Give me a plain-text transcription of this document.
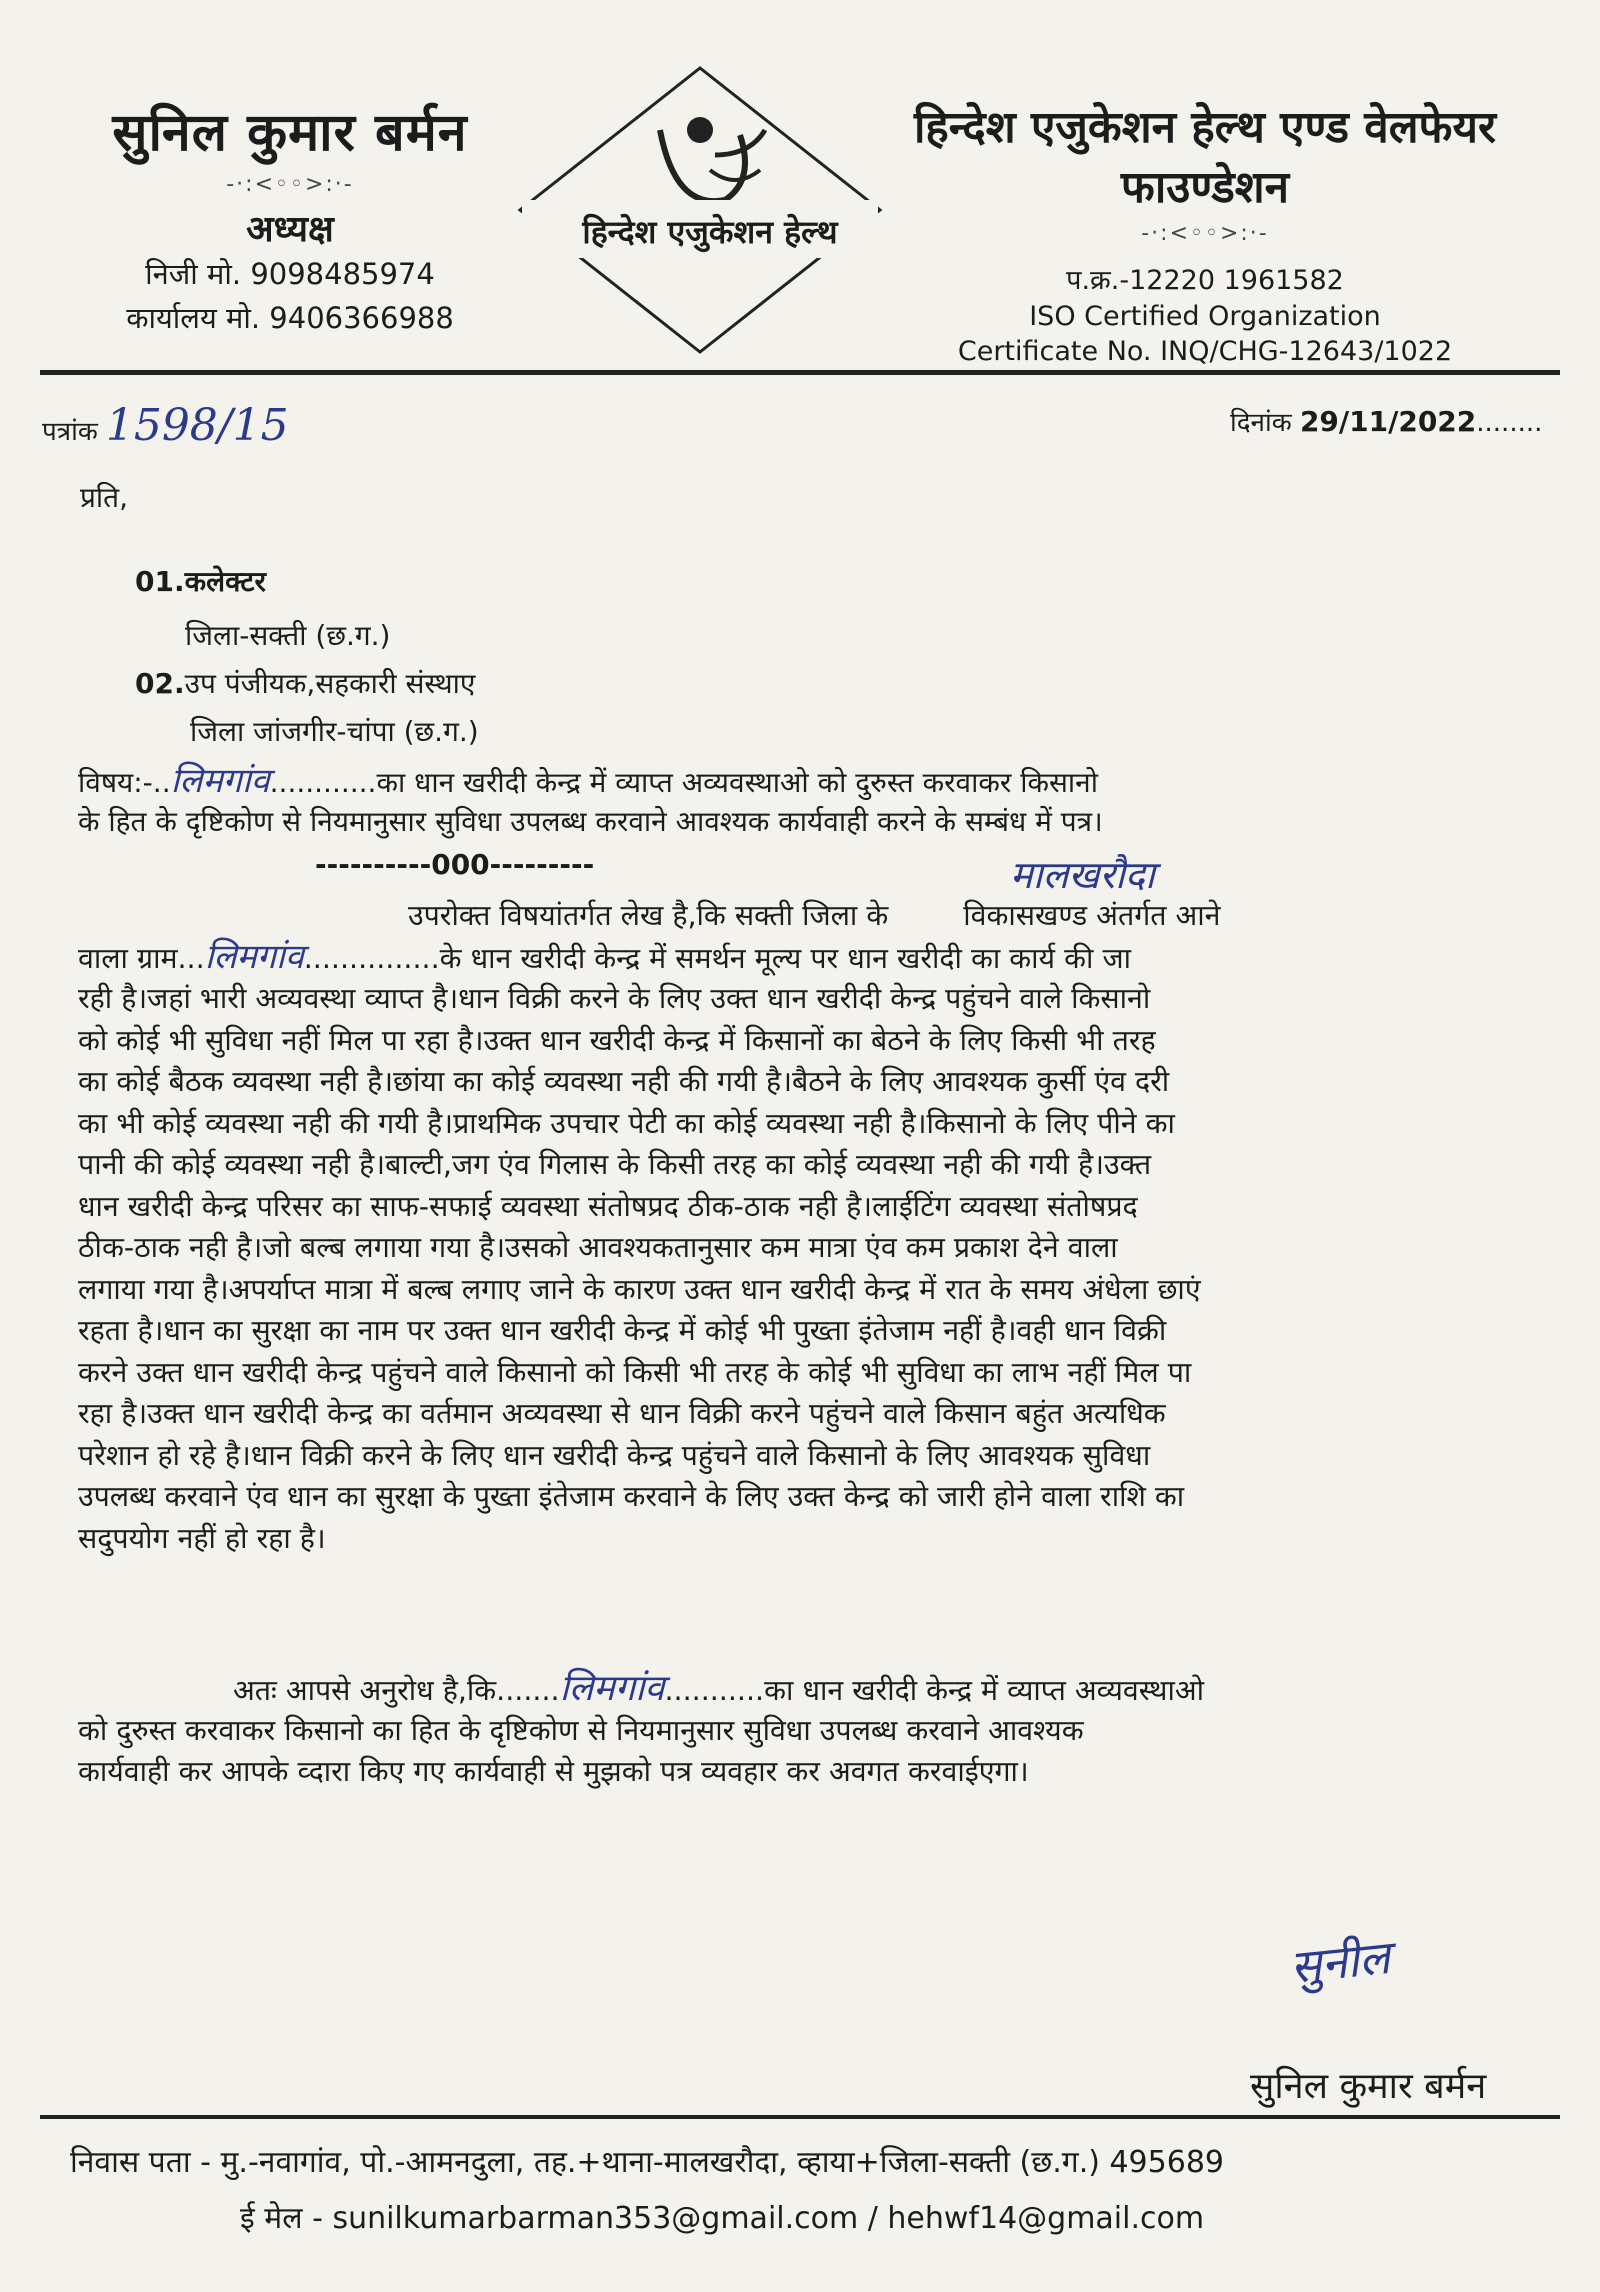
सुनिल कुमार बर्मन
-·:<◦◦>:·-
अध्यक्ष
निजी मो. 9098485974
कार्यालय मो. 9406366988
हिन्देश एजुकेशन हेल्थ
हिन्देश एजुकेशन हेल्थ एण्ड वेलफेयर फाउण्डेशन
-·:<◦◦>:·-
प.क्र.-12220 1961582
ISO Certified Organization
Certificate No. INQ/CHG-12643/1022
पत्रांक 1598/15	दिनांक 29/11/2022........
प्रति,
01.कलेक्टर
जिला-सक्ती (छ.ग.)
02.उप पंजीयक,सहकारी संस्थाए
जिला जांजगीर-चांपा (छ.ग.)
विषय:-..लिमगांव............का धान खरीदी केन्द्र में व्याप्त अव्यवस्थाओ को दुरुस्त करवाकर किसानो
के हित के दृष्टिकोण से नियमानुसार सुविधा उपलब्ध करवाने आवश्यक कार्यवाही करने के सम्बंध में पत्र।
----------000---------	मालखरौदा
उपरोक्त विषयांतर्गत लेख है,कि सक्ती जिला के	विकासखण्ड अंतर्गत आने
वाला ग्राम...लिमगांव...............के धान खरीदी केन्द्र में समर्थन मूल्य पर धान खरीदी का कार्य की जा
रही है।जहां भारी अव्यवस्था व्याप्त है।धान विक्री करने के लिए उक्त धान खरीदी केन्द्र पहुंचने वाले किसानो
को कोई भी सुविधा नहीं मिल पा रहा है।उक्त धान खरीदी केन्द्र में किसानों का बेठने के लिए किसी भी तरह
का कोई बैठक व्यवस्था नही है।छांया का कोई व्यवस्था नही की गयी है।बैठने के लिए आवश्यक कुर्सी एंव दरी
का भी कोई व्यवस्था नही की गयी है।प्राथमिक उपचार पेटी का कोई व्यवस्था नही है।किसानो के लिए पीने का
पानी की कोई व्यवस्था नही है।बाल्टी,जग एंव गिलास के किसी तरह का कोई व्यवस्था नही की गयी है।उक्त
धान खरीदी केन्द्र परिसर का साफ-सफाई व्यवस्था संतोषप्रद ठीक-ठाक नही है।लाईटिंग व्यवस्था संतोषप्रद
ठीक-ठाक नही है।जो बल्ब लगाया गया है।उसको आवश्यकतानुसार कम मात्रा एंव कम प्रकाश देने वाला
लगाया गया है।अपर्याप्त मात्रा में बल्ब लगाए जाने के कारण उक्त धान खरीदी केन्द्र में रात के समय अंधेला छाएं
रहता है।धान का सुरक्षा का नाम पर उक्त धान खरीदी केन्द्र में कोई भी पुख्ता इंतेजाम नहीं है।वही धान विक्री
करने उक्त धान खरीदी केन्द्र पहुंचने वाले किसानो को किसी भी तरह के कोई भी सुविधा का लाभ नहीं मिल पा
रहा है।उक्त धान खरीदी केन्द्र का वर्तमान अव्यवस्था से धान विक्री करने पहुंचने वाले किसान बहुंत अत्यधिक
परेशान हो रहे है।धान विक्री करने के लिए धान खरीदी केन्द्र पहुंचने वाले किसानो के लिए आवश्यक सुविधा
उपलब्ध करवाने एंव धान का सुरक्षा के पुख्ता इंतेजाम करवाने के लिए उक्त केन्द्र को जारी होने वाला राशि का
सदुपयोग नहीं हो रहा है।
अतः आपसे अनुरोध है,कि.......लिमगांव...........का धान खरीदी केन्द्र में व्याप्त अव्यवस्थाओ
को दुरुस्त करवाकर किसानो का हित के दृष्टिकोण से नियमानुसार सुविधा उपलब्ध करवाने आवश्यक
कार्यवाही कर आपके व्दारा किए गए कार्यवाही से मुझको पत्र व्यवहार कर अवगत करवाईएगा।
सुनील
सुनिल कुमार बर्मन
निवास पता - मु.-नवागांव, पो.-आमनदुला, तह.+थाना-मालखरौदा, व्हाया+जिला-सक्ती (छ.ग.) 495689
ई मेल - sunilkumarbarman353@gmail.com / hehwf14@gmail.com
